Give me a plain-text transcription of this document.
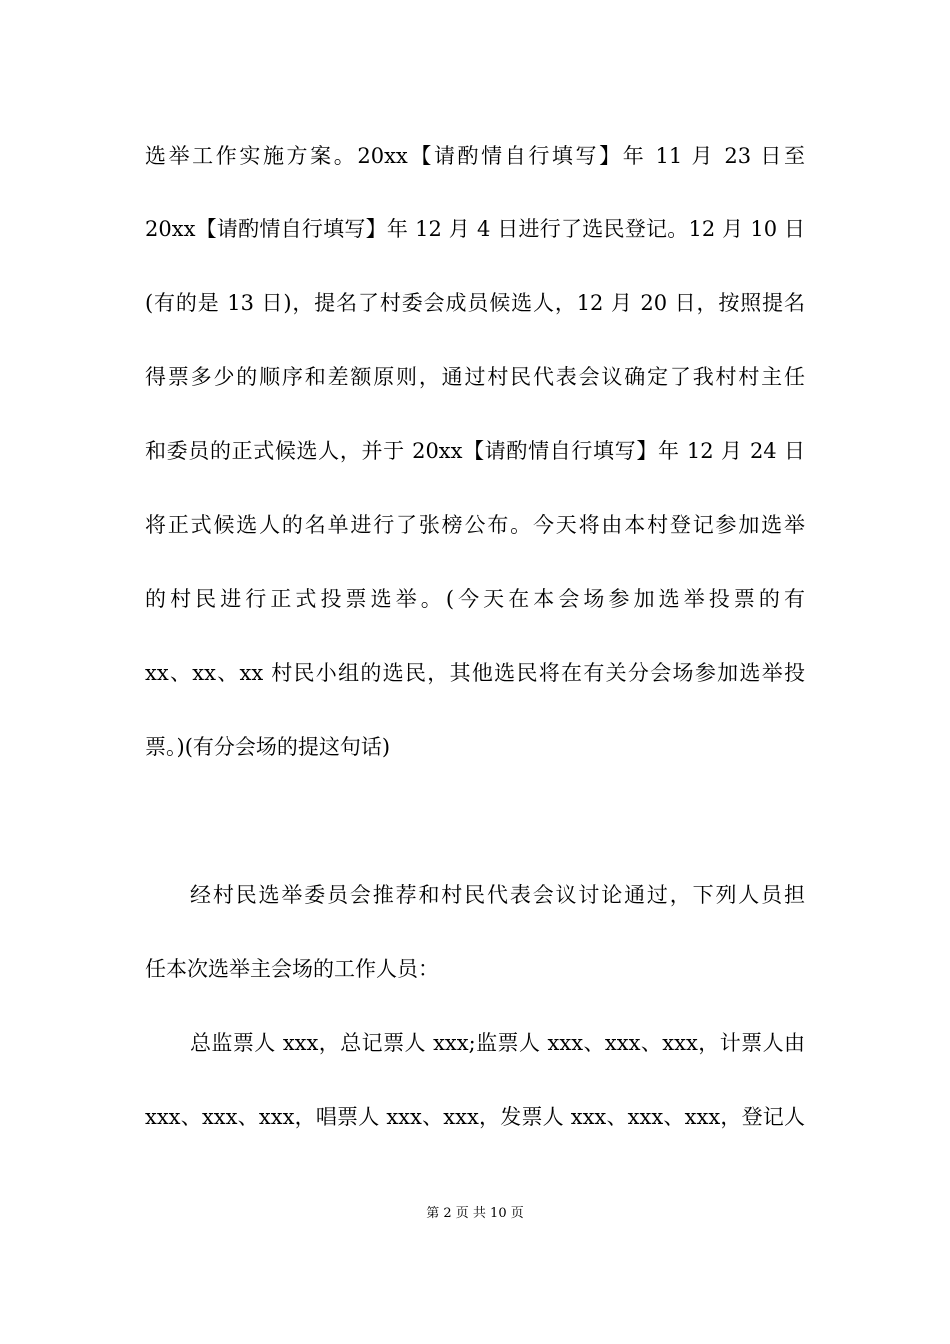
选举工作实施方案。20xx【请酌情自行填写】年 11 月 23 日至
20xx【请酌情自行填写】年 12 月 4 日进行了选民登记。12 月 10 日
(有的是 13 日)，提名了村委会成员候选人，12 月 20 日，按照提名
得票多少的顺序和差额原则，通过村民代表会议确定了我村村主任
和委员的正式候选人，并于 20xx【请酌情自行填写】年 12 月 24 日
将正式候选人的名单进行了张榜公布。今天将由本村登记参加选举
的村民进行正式投票选举。(今天在本会场参加选举投票的有
xx、xx、xx 村民小组的选民，其他选民将在有关分会场参加选举投
票。)(有分会场的提这句话)
经村民选举委员会推荐和村民代表会议讨论通过，下列人员担
任本次选举主会场的工作人员：
总监票人 xxx，总记票人 xxx;监票人 xxx、xxx、xxx，计票人由
xxx、xxx、xxx，唱票人 xxx、xxx，发票人 xxx、xxx、xxx，登记人
第 2 页 共 10 页
